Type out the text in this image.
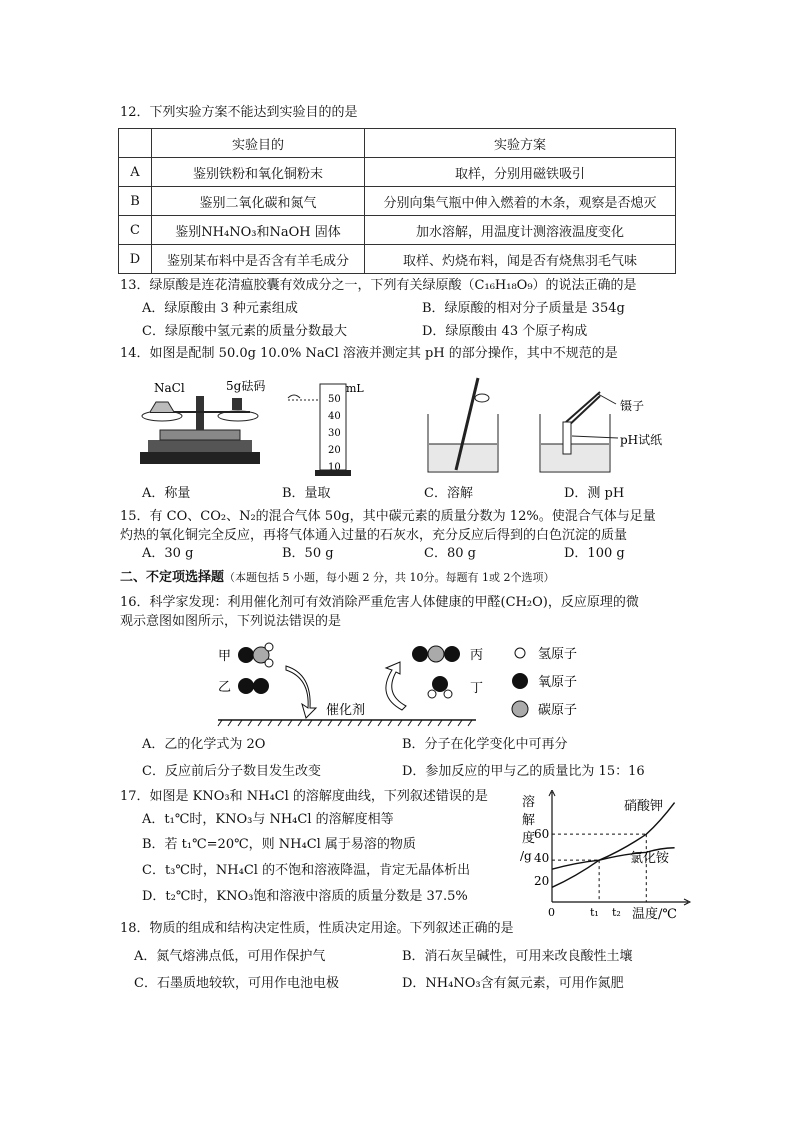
12．下列实验方案不能达到实验目的的是
	实验目的	实验方案
A	鉴别铁粉和氧化铜粉末	取样，分别用磁铁吸引
B	鉴别二氧化碳和氮气	分别向集气瓶中伸入燃着的木条，观察是否熄灭
C	鉴别NH₄NO₃和NaOH 固体	加水溶解，用温度计测溶液温度变化
D	鉴别某布料中是否含有羊毛成分	取样、灼烧布料，闻是否有烧焦羽毛气味
13．绿原酸是连花清瘟胶囊有效成分之一，下列有关绿原酸（C₁₆H₁₈O₉）的说法正确的是
A．绿原酸由 3 种元素组成	B．绿原酸的相对分子质量是 354g
C．绿原酸中氢元素的质量分数最大	D．绿原酸由 43 个原子构成
14．如图是配制 50.0g 10.0% NaCl 溶液并测定其 pH 的部分操作，其中不规范的是
NaCl	5g砝码	mL
50
40
30
20
10
镊子
pH试纸
A．称量	B．量取	C．溶解	D．测 pH
15．有 CO、CO₂、N₂的混合气体 50g，其中碳元素的质量分数为 12%。使混合气体与足量
灼热的氧化铜完全反应，再将气体通入过量的石灰水，充分反应后得到的白色沉淀的质量
A．30 g	B．50 g	C．80 g	D．100 g
二、不定项选择题（本题包括 5 小题，每小题 2 分，共 10分。每题有 1或 2个选项）
16．科学家发现：利用催化剂可有效消除严重危害人体健康的甲醛(CH₂O)，反应原理的微
观示意图如图所示，下列说法错误的是
甲
乙
丙
丁
催化剂
氢原子
氧原子
碳原子
A．乙的化学式为 2O	B．分子在化学变化中可再分
C．反应前后分子数目发生改变	D．参加反应的甲与乙的质量比为 15：16
17．如图是 KNO₃和 NH₄Cl 的溶解度曲线，下列叙述错误的是
A．t₁℃时，KNO₃与 NH₄Cl 的溶解度相等
B．若 t₁℃=20℃，则 NH₄Cl 属于易溶的物质
C．t₃℃时，NH₄Cl 的不饱和溶液降温，肯定无晶体析出
D．t₂℃时，KNO₃饱和溶液中溶质的质量分数是 37.5%
溶
解
度
/g
硝酸钾
氯化铵
温度/℃
60
40
20
0	t₁ t₂
18．物质的组成和结构决定性质，性质决定用途。下列叙述正确的是
A．氮气熔沸点低，可用作保护气	B．消石灰呈碱性，可用来改良酸性土壤
C．石墨质地较软，可用作电池电极	D．NH₄NO₃含有氮元素，可用作氮肥
